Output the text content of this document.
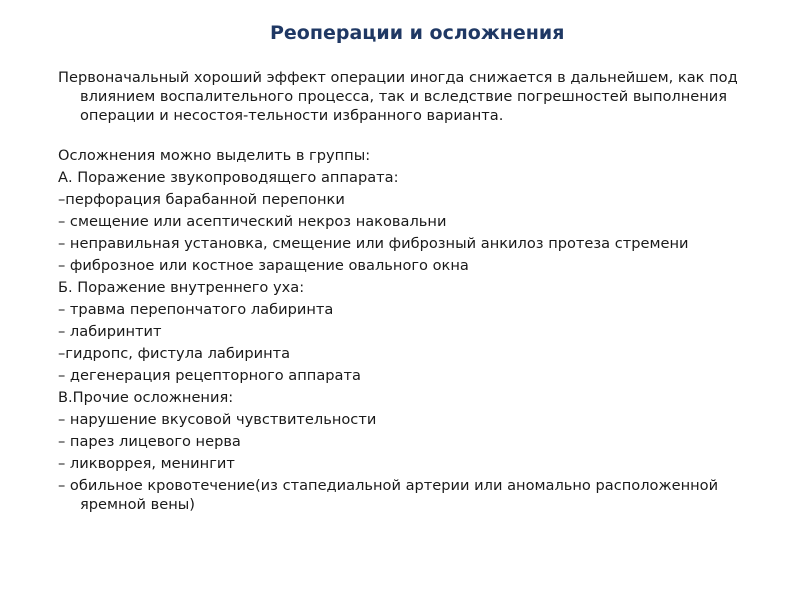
Реоперации и осложнения

Первоначальный хороший эффект операции иногда снижается в дальнейшем, как под влиянием воспалительного процесса, так и вследствие погрешностей выполнения операции и несостоя-тельности избранного варианта.

Осложнения можно выделить в группы:

А. Поражение звукопроводящего аппарата:

–перфорация барабанной перепонки

– смещение или асептический некроз наковальни

– неправильная установка, смещение или фиброзный анкилоз протеза стремени

– фиброзное или костное заращение овального окна

Б. Поражение внутреннего уха:

– травма перепончатого лабиринта

– лабиринтит

–гидропс, фистула лабиринта

– дегенерация рецепторного аппарата

В.Прочие осложнения:

– нарушение вкусовой чувствительности

– парез лицевого нерва

– ликворрея, менингит

– обильное кровотечение(из стапедиальной артерии или аномально расположенной яремной вены)
